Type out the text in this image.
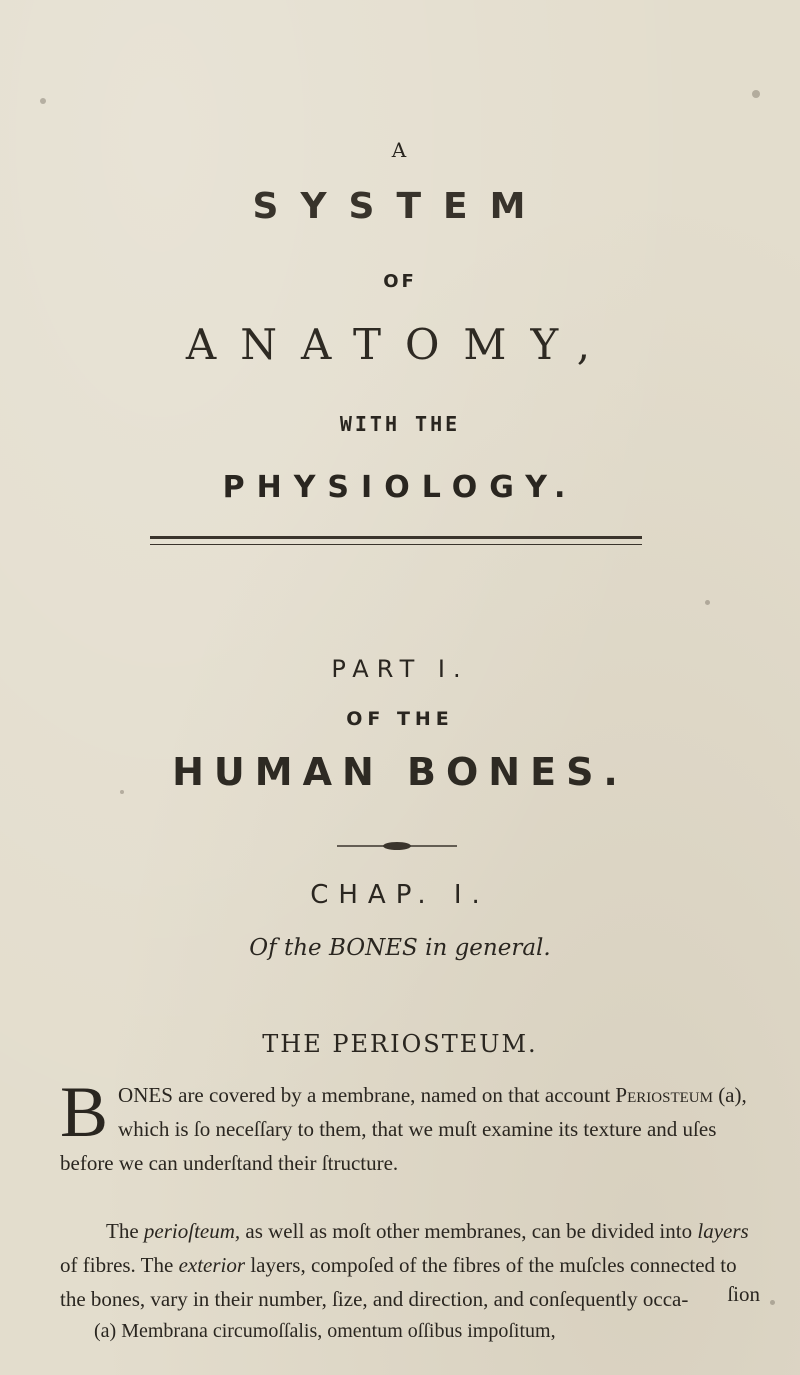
A
SYSTEM
OF
ANATOMY,
WITH THE
PHYSIOLOGY.
PART I.
OF THE
HUMAN BONES.
CHAP. I.
Of the BONES in general.
THE PERIOSTEUM.
BONES are covered by a membrane, named on that account Periosteum (a), which is ſo neceſſary to them, that we muſt examine its texture and uſes before we can underſtand their ſtructure.
The perioſteum, as well as moſt other membranes, can be divided into layers of fibres. The exterior layers, compoſed of the fibres of the muſcles connected to the bones, vary in their number, ſize, and direction, and conſequently occa-	ſion
(a) Membrana circumoſſalis, omentum oſſibus impoſitum,
